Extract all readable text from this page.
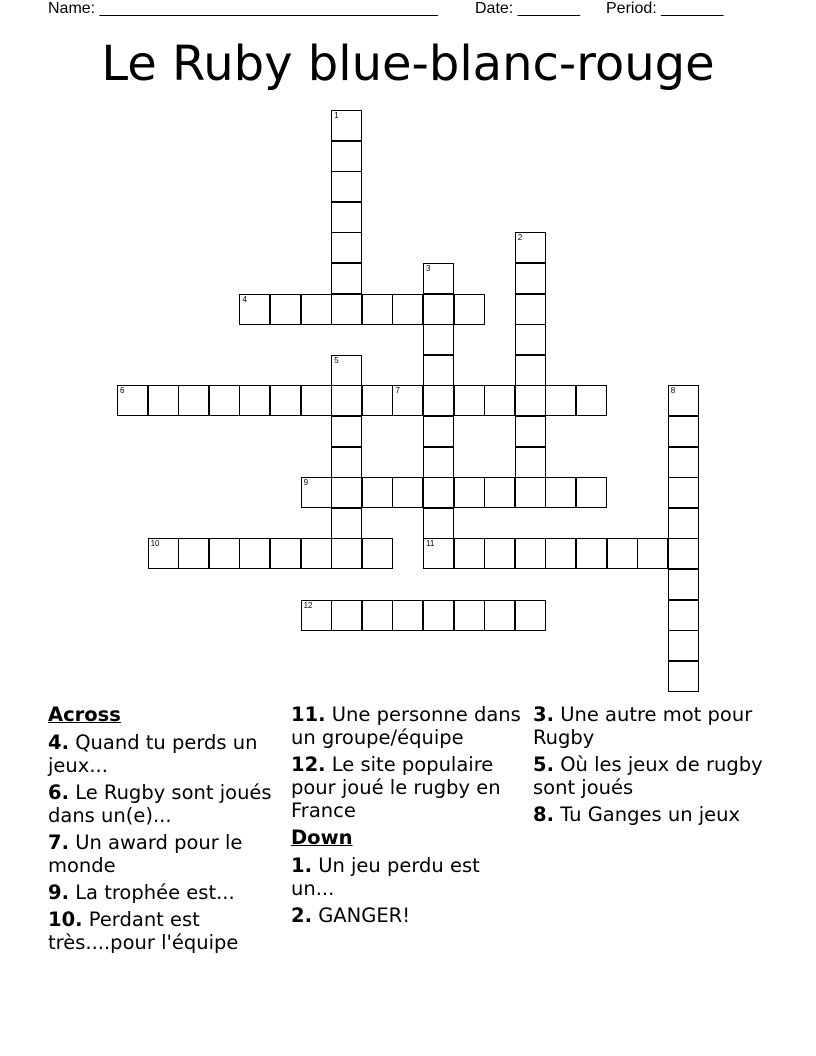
Name: ______________________________________

Date: _______

Period: _______

Le Ruby blue-blanc-rouge
1
2
3
4
5
6	7	8
9
10	11
12
Across
4. Quand tu perds un jeux...
6. Le Rugby sont joués dans un(e)...
7. Un award pour le monde
9. La trophée est...
10. Perdant est très....pour l'équipe
11. Une personne dans un groupe/équipe
12. Le site populaire pour joué le rugby en France
Down
1. Un jeu perdu est un...
2. GANGER!
3. Une autre mot pour Rugby
5. Où les jeux de rugby sont joués
8. Tu Ganges un jeux
